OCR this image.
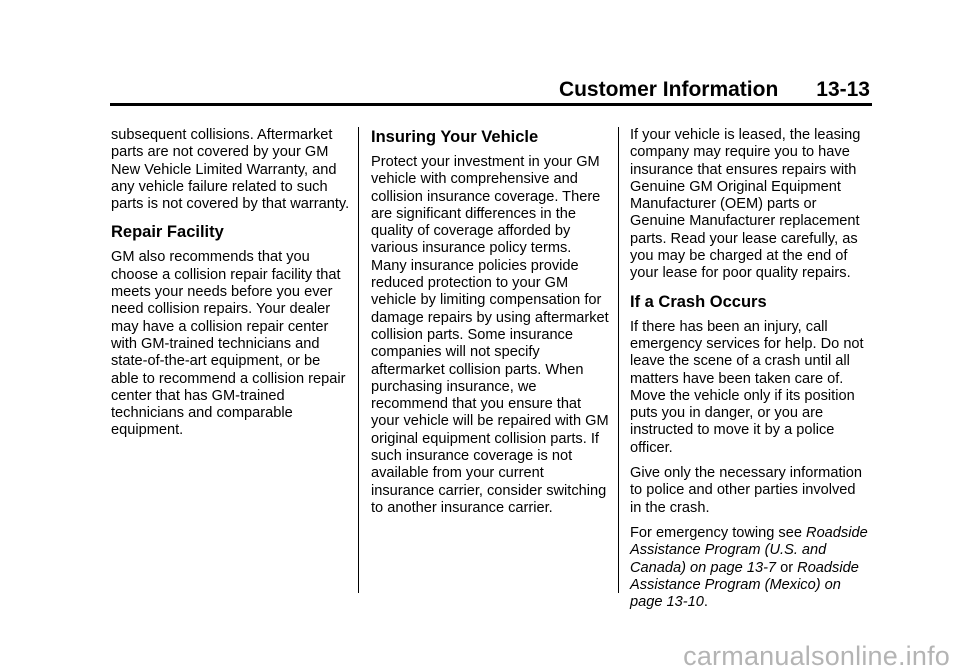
Customer Information 13-13

subsequent collisions. Aftermarket parts are not covered by your GM New Vehicle Limited Warranty, and any vehicle failure related to such parts is not covered by that warranty.

Repair Facility

GM also recommends that you choose a collision repair facility that meets your needs before you ever need collision repairs. Your dealer may have a collision repair center with GM-trained technicians and state-of-the-art equipment, or be able to recommend a collision repair center that has GM-trained technicians and comparable equipment.

Insuring Your Vehicle

Protect your investment in your GM vehicle with comprehensive and collision insurance coverage. There are significant differences in the quality of coverage afforded by various insurance policy terms. Many insurance policies provide reduced protection to your GM vehicle by limiting compensation for damage repairs by using aftermarket collision parts. Some insurance companies will not specify aftermarket collision parts. When purchasing insurance, we recommend that you ensure that your vehicle will be repaired with GM original equipment collision parts. If such insurance coverage is not available from your current insurance carrier, consider switching to another insurance carrier.

If your vehicle is leased, the leasing company may require you to have insurance that ensures repairs with Genuine GM Original Equipment Manufacturer (OEM) parts or Genuine Manufacturer replacement parts. Read your lease carefully, as you may be charged at the end of your lease for poor quality repairs.

If a Crash Occurs

If there has been an injury, call emergency services for help. Do not leave the scene of a crash until all matters have been taken care of. Move the vehicle only if its position puts you in danger, or you are instructed to move it by a police officer.

Give only the necessary information to police and other parties involved in the crash.

For emergency towing see Roadside Assistance Program (U.S. and Canada) on page 13‑7 or Roadside Assistance Program (Mexico) on page 13‑10.

carmanualsonline.info
